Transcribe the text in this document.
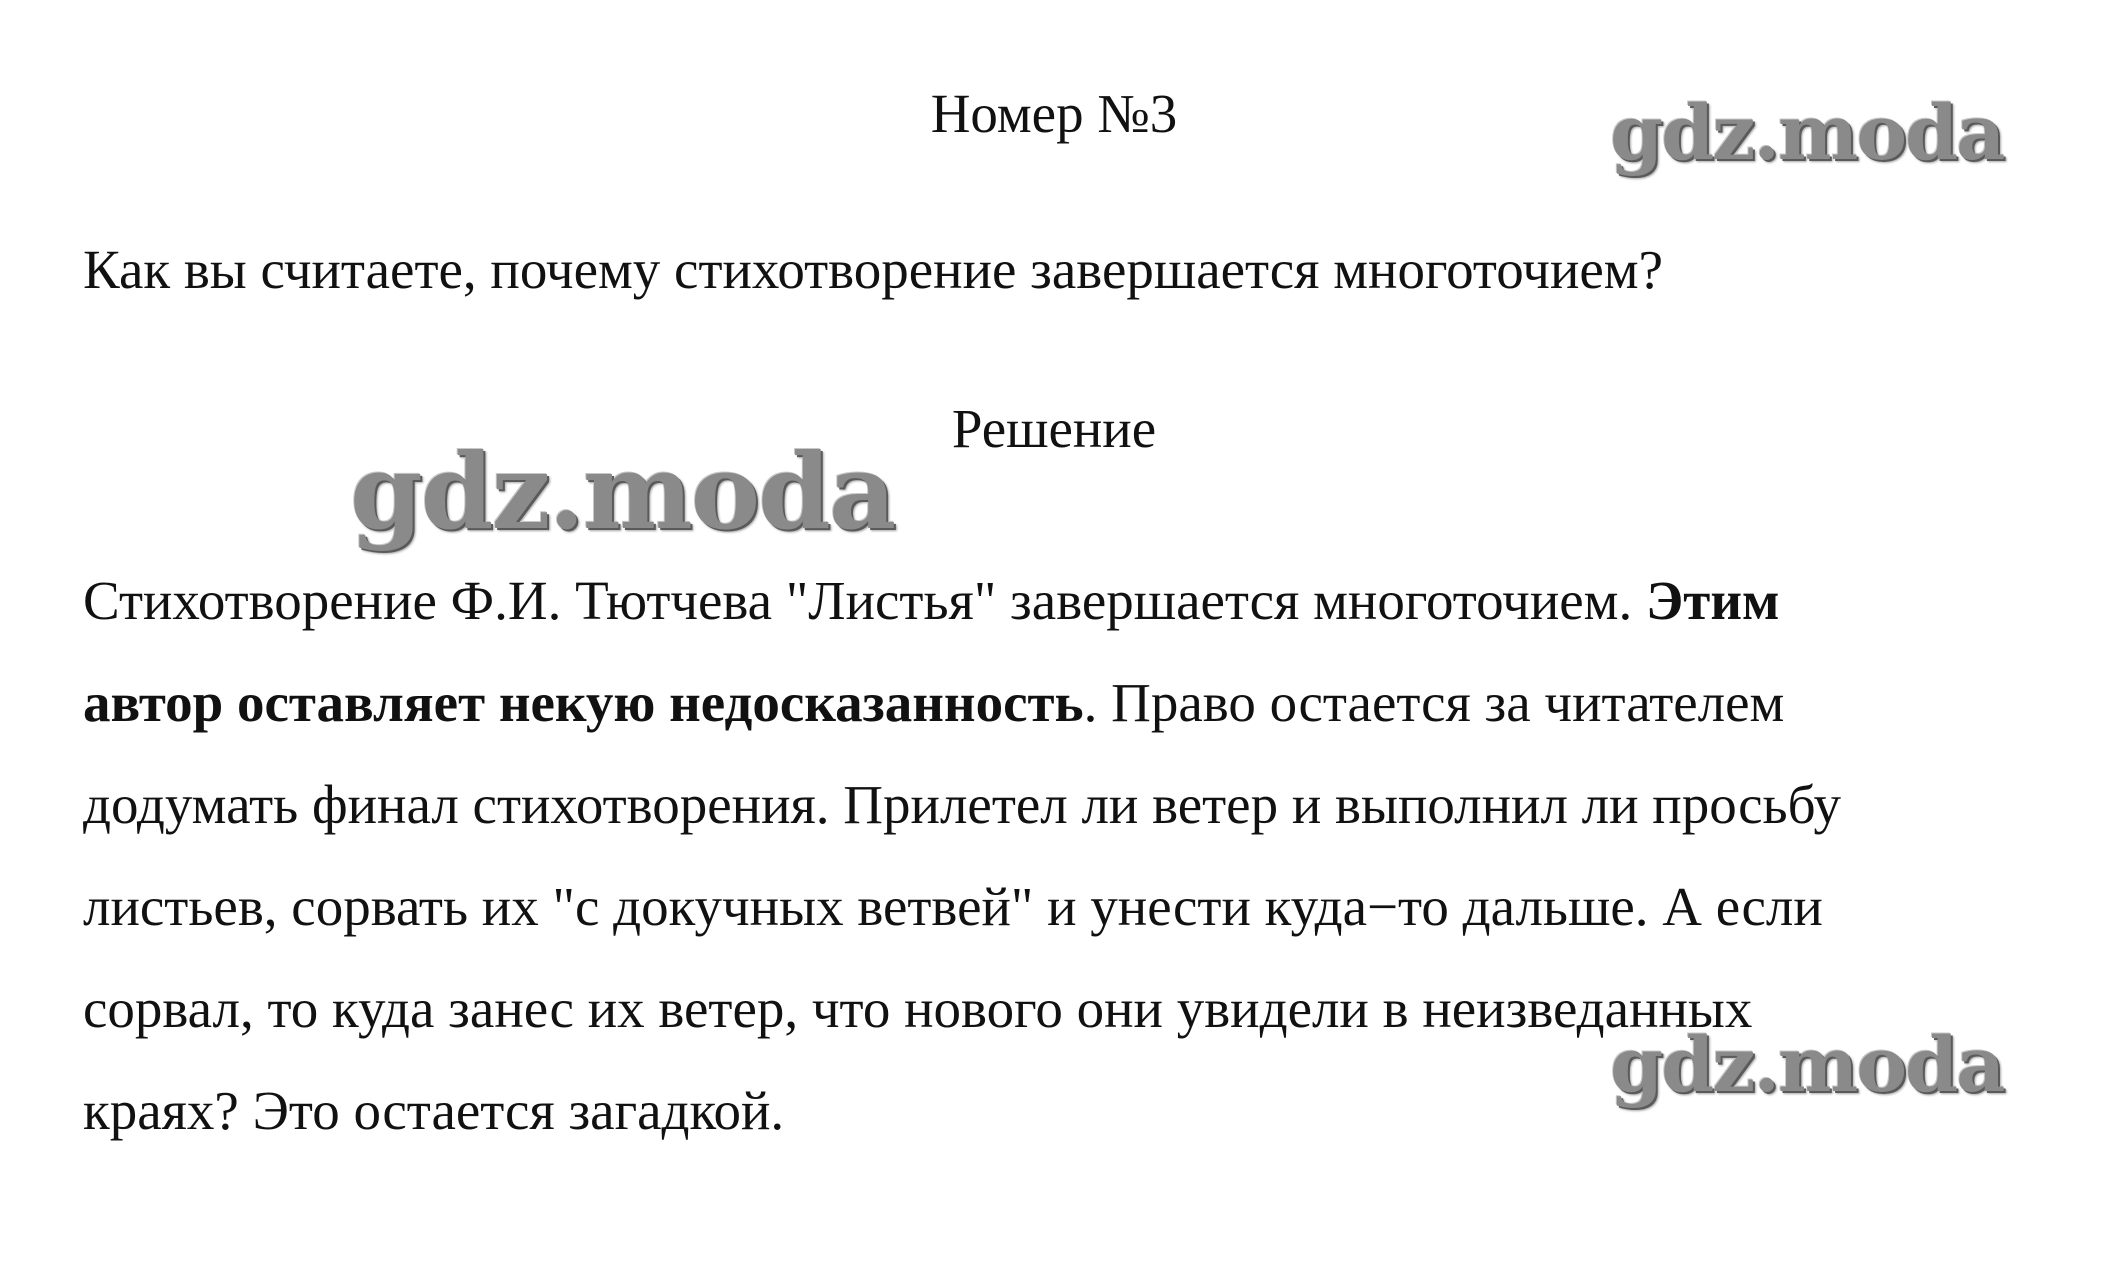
Номер №3	gdz.moda
Как вы считаете, почему стихотворение завершается многоточием?
Решение
gdz.moda
Стихотворение Ф.И. Тютчева "Листья" завершается многоточием. Этим
автор оставляет некую недосказанность. Право остается за читателем
додумать финал стихотворения. Прилетел ли ветер и выполнил ли просьбу
листьев, сорвать их "с докучных ветвей" и унести куда−то дальше. А если
сорвал, то куда занес их ветер, что нового они увидели в неизведанных
краях? Это остается загадкой.
gdz.moda
